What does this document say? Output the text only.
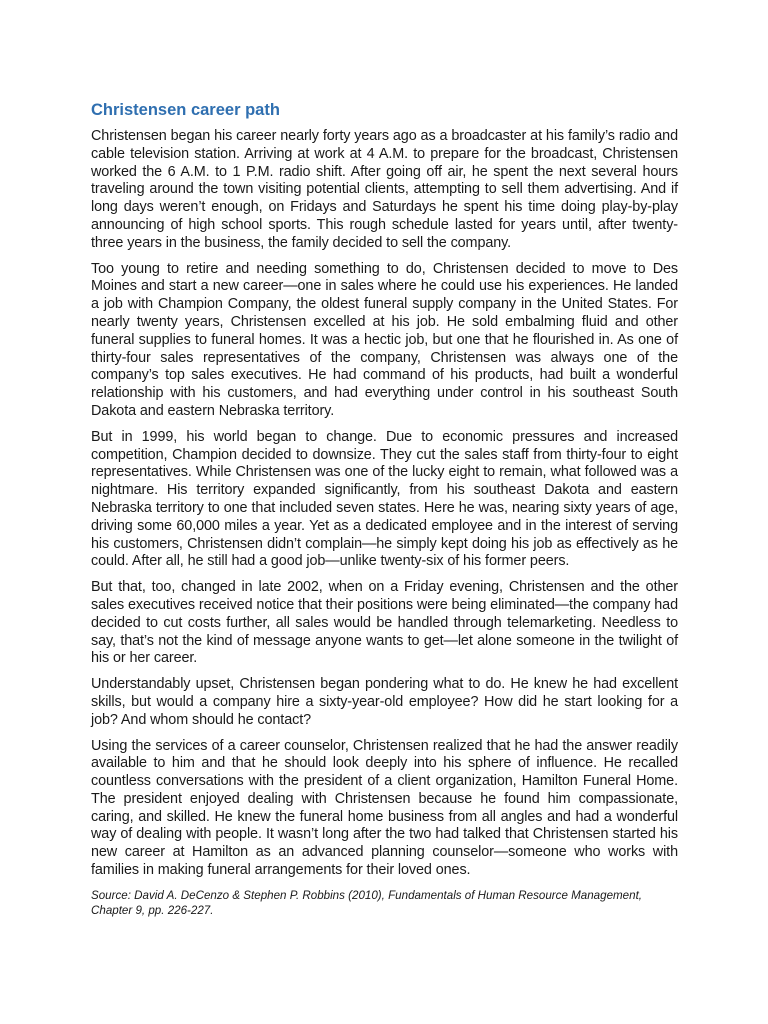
Christensen career path

Christensen began his career nearly forty years ago as a broadcaster at his family’s radio and cable television station. Arriving at work at 4 A.M. to prepare for the broadcast, Christensen worked the 6 A.M. to 1 P.M. radio shift. After going off air, he spent the next several hours traveling around the town visiting potential clients, attempting to sell them advertising. And if long days weren’t enough, on Fridays and Saturdays he spent his time doing play-by-play announcing of high school sports. This rough schedule lasted for years until, after twenty-three years in the business, the family decided to sell the company.

Too young to retire and needing something to do, Christensen decided to move to Des Moines and start a new career—one in sales where he could use his experiences. He landed a job with Champion Company, the oldest funeral supply company in the United States. For nearly twenty years, Christensen excelled at his job. He sold embalming fluid and other funeral supplies to funeral homes. It was a hectic job, but one that he flourished in. As one of thirty-four sales representatives of the company, Christensen was always one of the company’s top sales executives. He had command of his products, had built a wonderful relationship with his customers, and had everything under control in his southeast South Dakota and eastern Nebraska territory.

But in 1999, his world began to change. Due to economic pressures and increased competition, Champion decided to downsize. They cut the sales staff from thirty-four to eight representatives. While Christensen was one of the lucky eight to remain, what followed was a nightmare. His territory expanded significantly, from his southeast Dakota and eastern Nebraska territory to one that included seven states. Here he was, nearing sixty years of age, driving some 60,000 miles a year. Yet as a dedicated employee and in the interest of serving his customers, Christensen didn’t complain—he simply kept doing his job as effectively as he could. After all, he still had a good job—unlike twenty-six of his former peers.

But that, too, changed in late 2002, when on a Friday evening, Christensen and the other sales executives received notice that their positions were being eliminated—the company had decided to cut costs further, all sales would be handled through telemarketing. Needless to say, that’s not the kind of message anyone wants to get—let alone someone in the twilight of his or her career.

Understandably upset, Christensen began pondering what to do. He knew he had excellent skills, but would a company hire a sixty-year-old employee? How did he start looking for a job? And whom should he contact?

Using the services of a career counselor, Christensen realized that he had the answer readily available to him and that he should look deeply into his sphere of influence. He recalled countless conversations with the president of a client organization, Hamilton Funeral Home. The president enjoyed dealing with Christensen because he found him compassionate, caring, and skilled. He knew the funeral home business from all angles and had a wonderful way of dealing with people. It wasn’t long after the two had talked that Christensen started his new career at Hamilton as an advanced planning counselor—someone who works with families in making funeral arrangements for their loved ones.

Source: David A. DeCenzo & Stephen P. Robbins (2010), Fundamentals of Human Resource Management, Chapter 9, pp. 226-227.
